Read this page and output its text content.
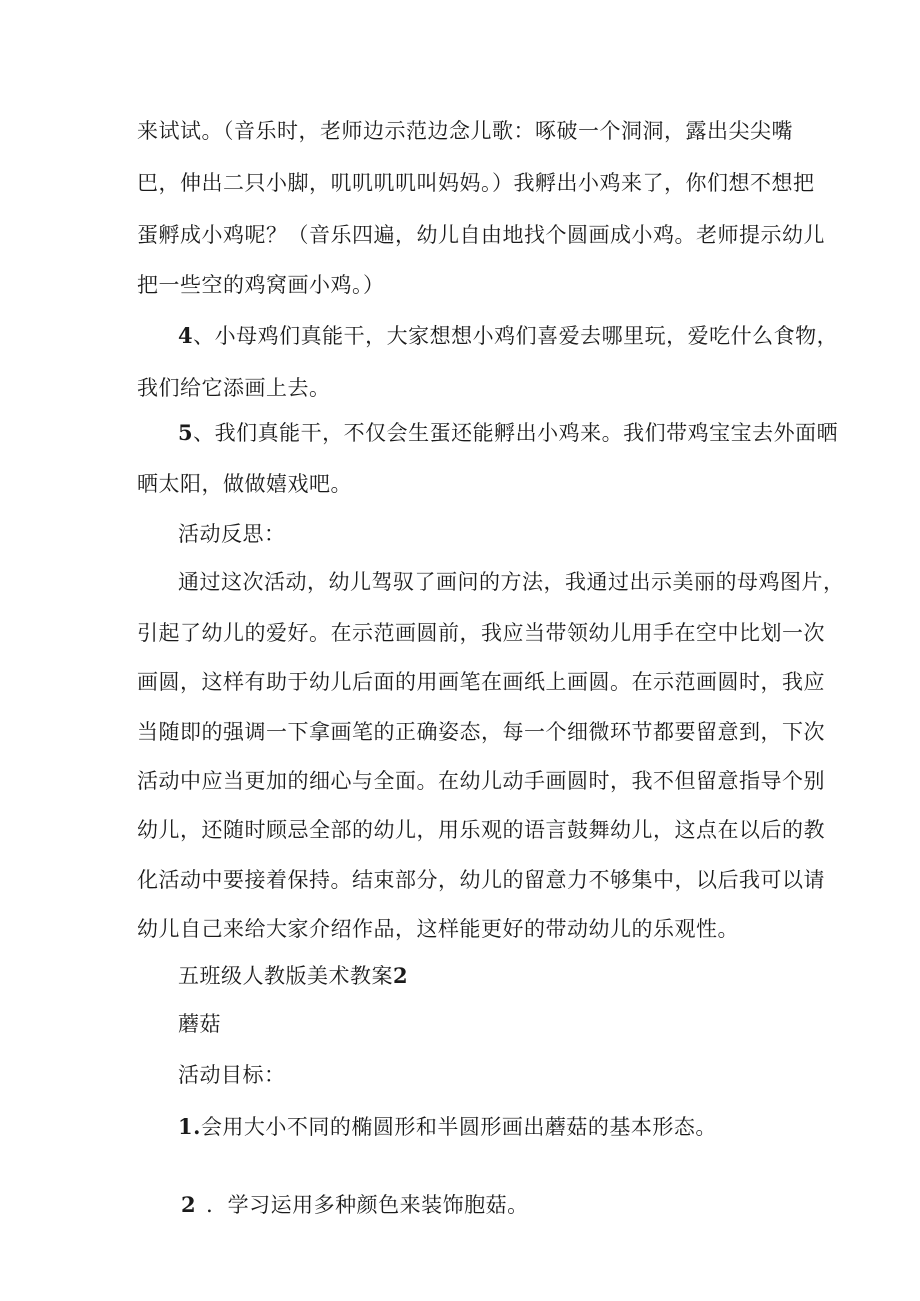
来试试。（音乐时，老师边示范边念儿歌：啄破一个洞洞，露出尖尖嘴
巴，伸出二只小脚，叽叽叽叽叫妈妈。）我孵出小鸡来了，你们想不想把
蛋孵成小鸡呢？（音乐四遍，幼儿自由地找个圆画成小鸡。老师提示幼儿
把一些空的鸡窝画小鸡。）
4、小母鸡们真能干，大家想想小鸡们喜爱去哪里玩，爱吃什么食物，
我们给它添画上去。
5、我们真能干，不仅会生蛋还能孵出小鸡来。我们带鸡宝宝去外面晒
晒太阳，做做嬉戏吧。
活动反思：
通过这次活动，幼儿驾驭了画问的方法，我通过出示美丽的母鸡图片，
引起了幼儿的爱好。在示范画圆前，我应当带领幼儿用手在空中比划一次
画圆，这样有助于幼儿后面的用画笔在画纸上画圆。在示范画圆时，我应
当随即的强调一下拿画笔的正确姿态，每一个细微环节都要留意到，下次
活动中应当更加的细心与全面。在幼儿动手画圆时，我不但留意指导个别
幼儿，还随时顾忌全部的幼儿，用乐观的语言鼓舞幼儿，这点在以后的教
化活动中要接着保持。结束部分，幼儿的留意力不够集中，以后我可以请
幼儿自己来给大家介绍作品，这样能更好的带动幼儿的乐观性。
五班级人教版美术教案2
蘑菇
活动目标：
1.会用大小不同的椭圆形和半圆形画出蘑菇的基本形态。
2 ．学习运用多种颜色来装饰胞菇。
